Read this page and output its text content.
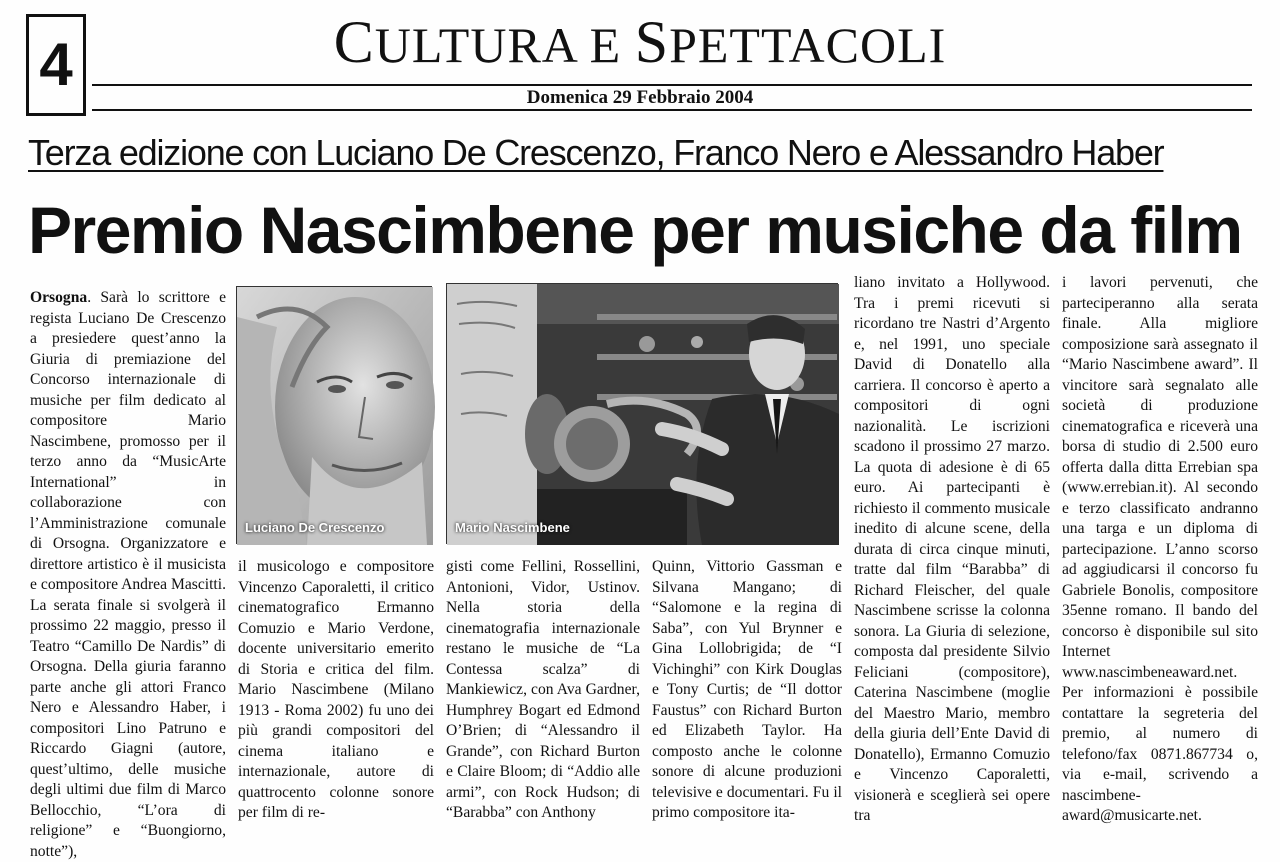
4	CULTURA E SPETTACOLI
Domenica 29 Febbraio 2004
Terza edizione con Luciano De Crescenzo, Franco Nero e Alessandro Haber
Premio Nascimbene per musiche da film
Luciano De Crescenzo	Mario Nascimbene
Orsogna. Sarà lo scrittore e regista Luciano De Crescenzo a presiedere quest’anno la Giuria di premiazione del Concorso internazionale di musiche per film dedicato al compositore Mario Nascimbene, promosso per il terzo anno da “MusicArte International” in collaborazione con l’Amministrazione comunale di Orsogna. Organizzatore e direttore artistico è il musicista e compositore Andrea Mascitti. La serata finale si svolgerà il prossimo 22 maggio, presso il Teatro “Camillo De Nardis” di Orsogna. Della giuria faranno parte anche gli attori Franco Nero e Alessandro Haber, i compositori Lino Patruno e Riccardo Giagni (autore, quest’ultimo, delle musiche degli ultimi due film di Marco Bellocchio, “L’ora di religione” e “Buongiorno, notte”),
il musicologo e compositore Vincenzo Caporaletti, il critico cinematografico Ermanno Comuzio e Mario Verdone, docente universitario emerito di Storia e critica del film. Mario Nascimbene (Milano 1913 - Roma 2002) fu uno dei più grandi compositori del cinema italiano e internazionale, autore di quattrocento colonne sonore per film di re-
gisti come Fellini, Rossellini, Antonioni, Vidor, Ustinov. Nella storia della cinematografia internazionale restano le musiche de “La Contessa scalza” di Mankiewicz, con Ava Gardner, Humphrey Bogart ed Edmond O’Brien; di “Alessandro il Grande”, con Richard Burton e Claire Bloom; di “Addio alle armi”, con Rock Hudson; di “Barabba” con Anthony
Quinn, Vittorio Gassman e Silvana Mangano; di “Salomone e la regina di Saba”, con Yul Brynner e Gina Lollobrigida; de “I Vichinghi” con Kirk Douglas e Tony Curtis; de “Il dottor Faustus” con Richard Burton ed Elizabeth Taylor. Ha composto anche le colonne sonore di alcune produzioni televisive e documentari. Fu il primo compositore ita-
liano invitato a Hollywood. Tra i premi ricevuti si ricordano tre Nastri d’Argento e, nel 1991, uno speciale David di Donatello alla carriera. Il concorso è aperto a compositori di ogni nazionalità. Le iscrizioni scadono il prossimo 27 marzo. La quota di adesione è di 65 euro. Ai partecipanti è richiesto il commento musicale inedito di alcune scene, della durata di circa cinque minuti, tratte dal film “Barabba” di Richard Fleischer, del quale Nascimbene scrisse la colonna sonora. La Giuria di selezione, composta dal presidente Silvio Feliciani (compositore), Caterina Nascimbene (moglie del Maestro Mario, membro della giuria dell’Ente David di Donatello), Ermanno Comuzio e Vincenzo Caporaletti, visionerà e sceglierà sei opere tra
i lavori pervenuti, che parteciperanno alla serata finale. Alla migliore composizione sarà assegnato il “Mario Nascimbene award”. Il vincitore sarà segnalato alle società di produzione cinematografica e riceverà una borsa di studio di 2.500 euro offerta dalla ditta Errebian spa (www.errebian.it). Al secondo e terzo classificato andranno una targa e un diploma di partecipazione. L’anno scorso ad aggiudicarsi il concorso fu Gabriele Bonolis, compositore 35enne romano. Il bando del concorso è disponibile sul sito Internet www.nascimbeneaward.net. Per informazioni è possibile contattare la segreteria del premio, al numero di telefono/fax 0871.867734 o, via e-mail, scrivendo a nascimbene-award@musicarte.net.
